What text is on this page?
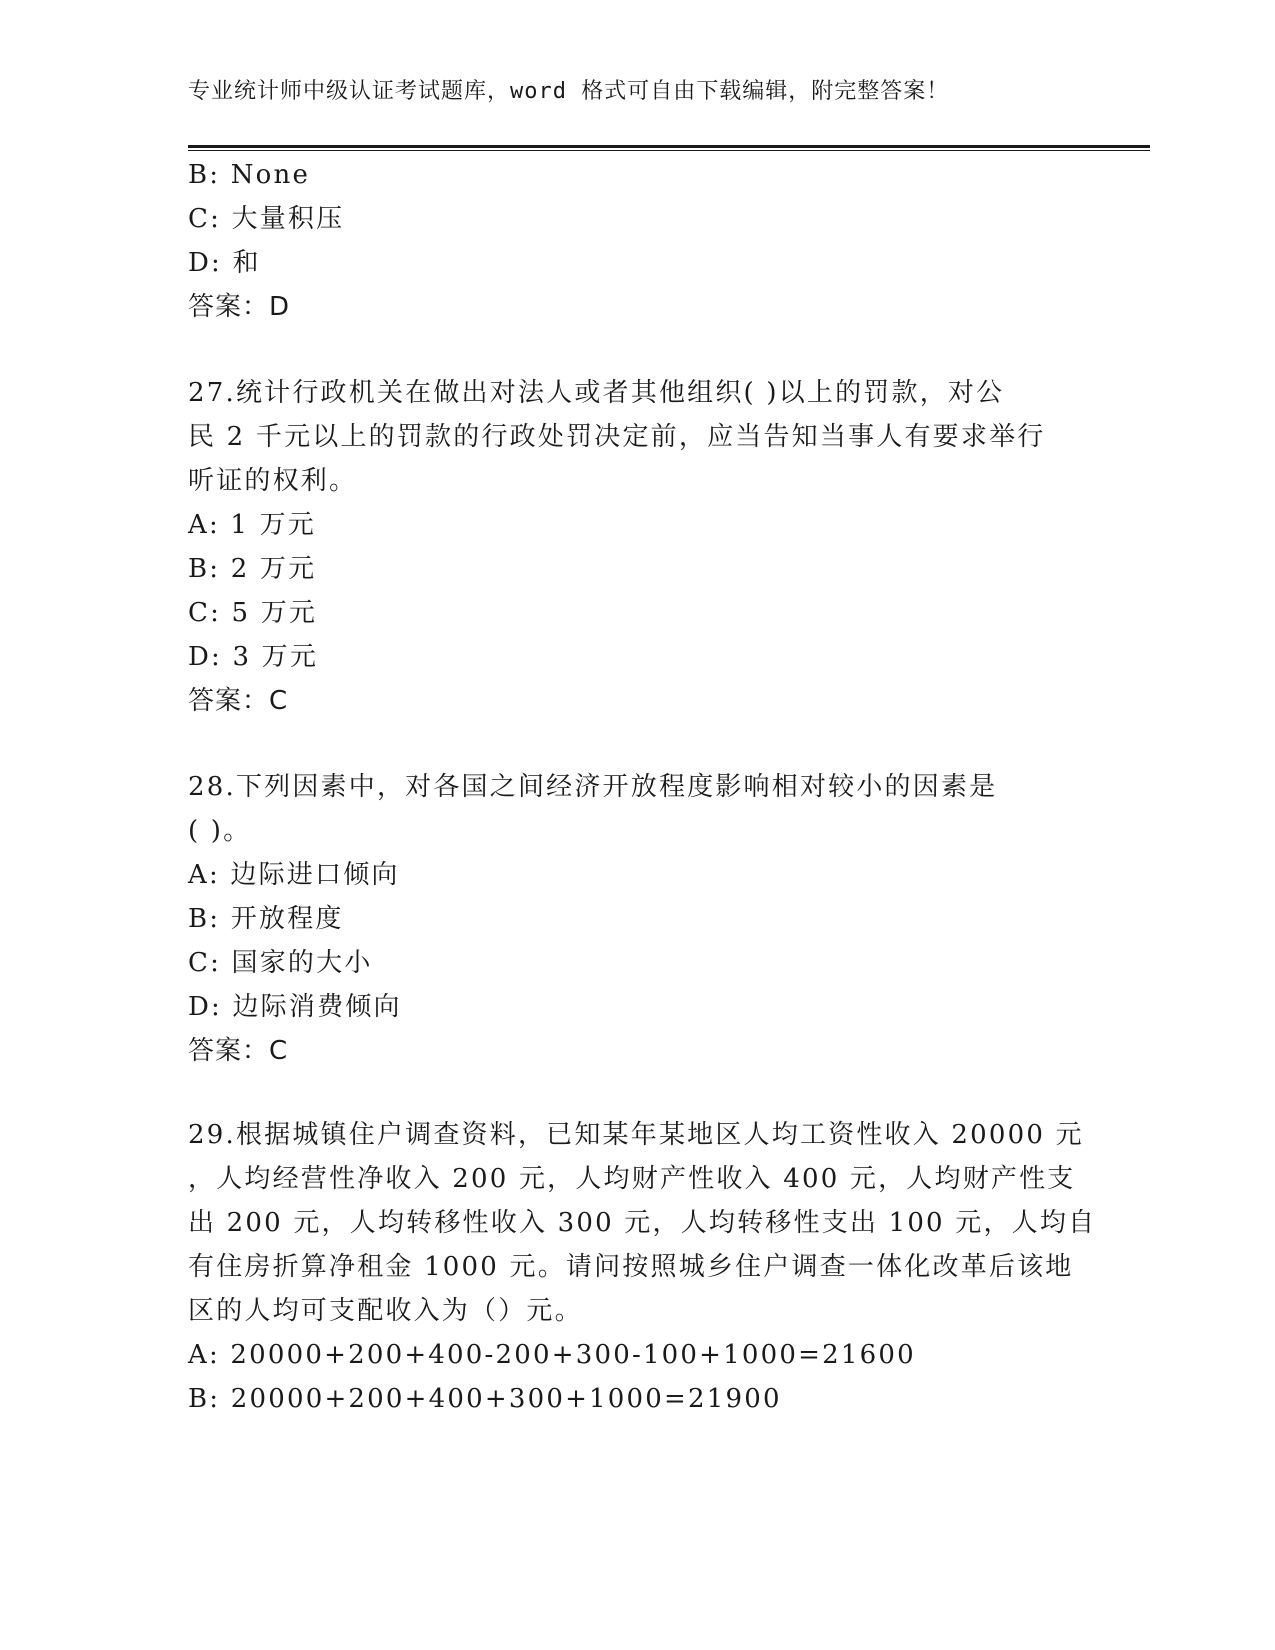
专业统计师中级认证考试题库，word 格式可自由下载编辑，附完整答案！
B: None
C: 大量积压
D: 和
答案：D
27.统计行政机关在做出对法人或者其他组织( )以上的罚款，对公
民 2 千元以上的罚款的行政处罚决定前，应当告知当事人有要求举行
听证的权利。
A: 1 万元
B: 2 万元
C: 5 万元
D: 3 万元
答案：C
28.下列因素中，对各国之间经济开放程度影响相对较小的因素是
( )。
A: 边际进口倾向
B: 开放程度
C: 国家的大小
D: 边际消费倾向
答案：C
29.根据城镇住户调查资料，已知某年某地区人均工资性收入 20000 元
，人均经营性净收入 200 元，人均财产性收入 400 元，人均财产性支
出 200 元，人均转移性收入 300 元，人均转移性支出 100 元，人均自
有住房折算净租金 1000 元。请问按照城乡住户调查一体化改革后该地
区的人均可支配收入为（）元。
A: 20000+200+400-200+300-100+1000=21600
B: 20000+200+400+300+1000=21900
